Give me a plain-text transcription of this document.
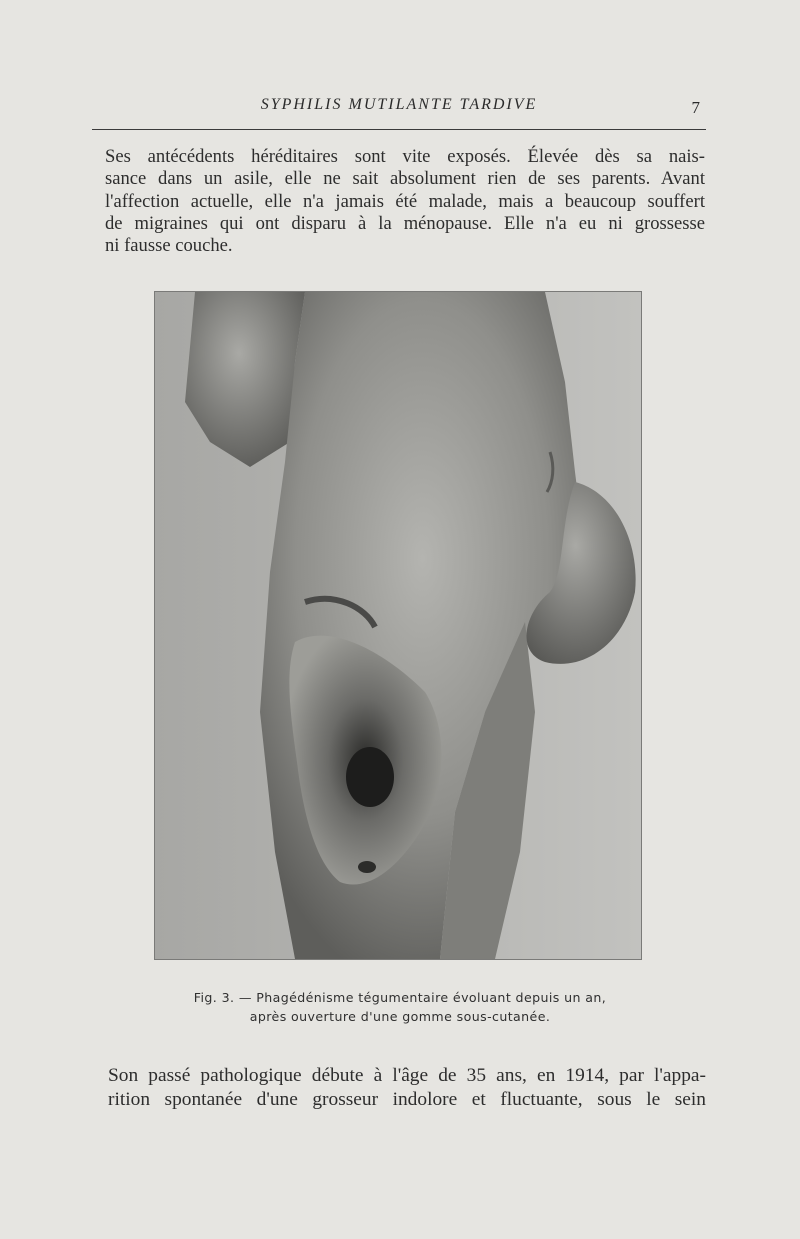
SYPHILIS MUTILANTE TARDIVE	7
Ses antécédents héréditaires sont vite exposés. Élevée dès sa nais-
sance dans un asile, elle ne sait absolument rien de ses parents. Avant
l'affection actuelle, elle n'a jamais été malade, mais a beaucoup souffert
de migraines qui ont disparu à la ménopause. Elle n'a eu ni grossesse
ni fausse couche.
Fig. 3. — Phagédénisme tégumentaire évoluant depuis un an,
après ouverture d'une gomme sous-cutanée.
Son passé pathologique débute à l'âge de 35 ans, en 1914, par l'appa-
rition spontanée d'une grosseur indolore et fluctuante, sous le sein
